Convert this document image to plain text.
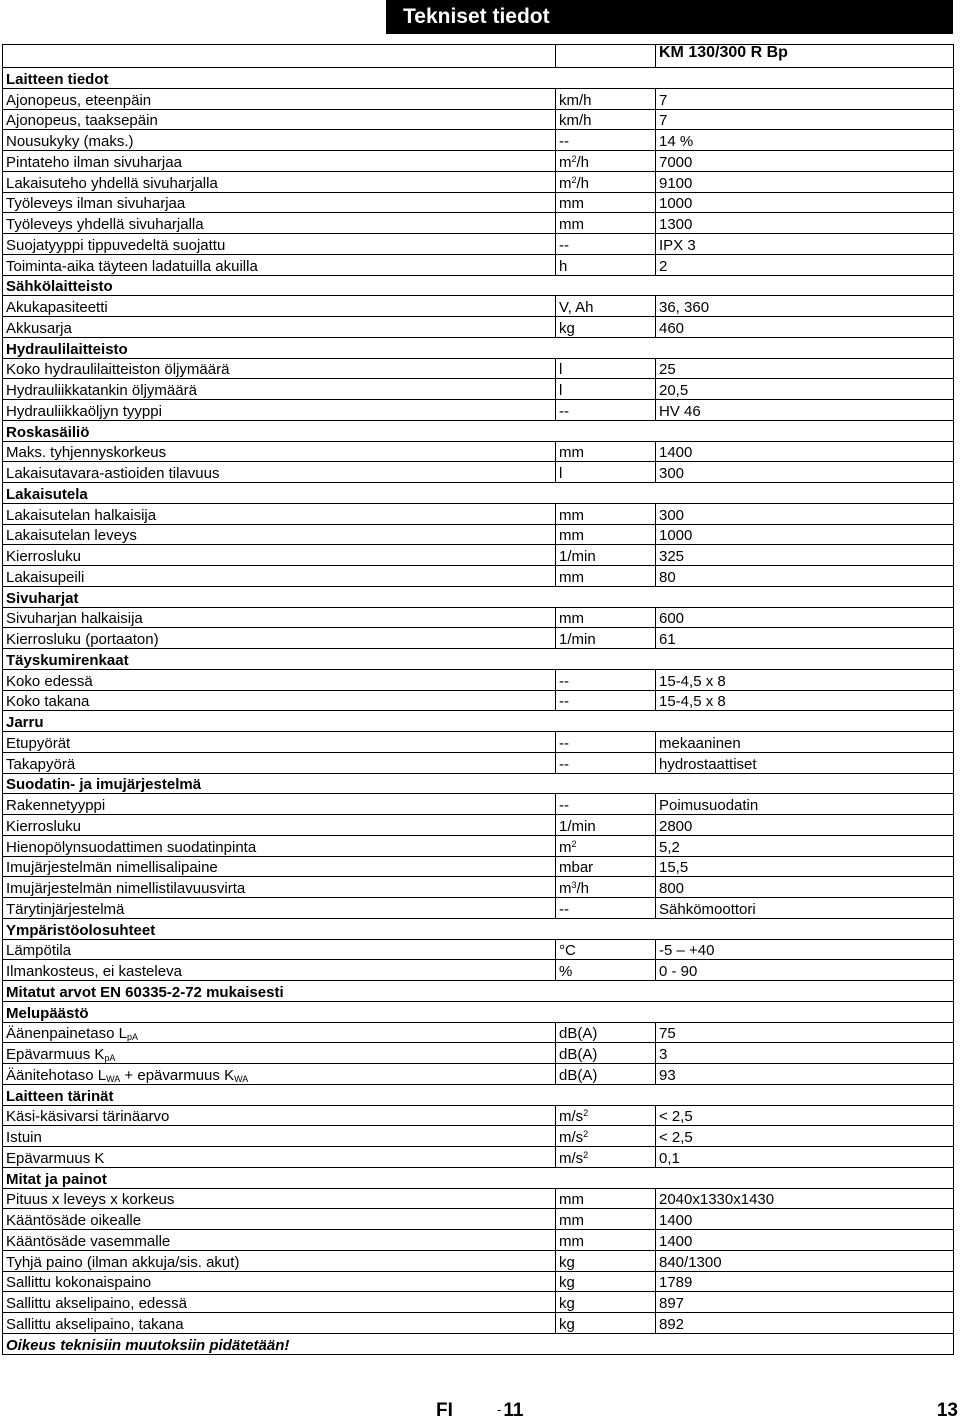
Tekniset tiedot
		KM 130/300 R Bp
Laitteen tiedot		
Ajonopeus, eteenpäin	km/h	7
Ajonopeus, taaksepäin	km/h	7
Nousukyky (maks.)	--	14 %
Pintateho ilman sivuharjaa	$m^2/h$	7000
Lakaisuteho yhdellä sivuharjalla	$m^2/h$	9100
Työleveys ilman sivuharjaa	mm	1000
Työleveys yhdellä sivuharjalla	mm	1300
Suojatyyppi tippuvedeltä suojattu	--	IPX 3
Toiminta-aika täyteen ladatuilla akuilla	h	2
Sähkölaitteisto		
Akukapasiteetti	V, Ah	36, 360
Akkusarja	kg	460
Hydraulilaitteisto		
Koko hydraulilaitteiston öljymäärä	l	25
Hydrauliikkatankin öljymäärä	l	20,5
Hydrauliikkaöljyn tyyppi	--	HV 46
Roskasäiliö		
Maks. tyhjennyskorkeus	mm	1400
Lakaisutavara-astioiden tilavuus	l	300
Lakaisutela		
Lakaisutelan halkaisija	mm	300
Lakaisutelan leveys	mm	1000
Kierrosluku	1/min	325
Lakaisupeili	mm	80
Sivuharjat		
Sivuharjan halkaisija	mm	600
Kierrosluku (portaaton)	1/min	61
Täyskumirenkaat		
Koko edessä	--	15-4,5 x 8
Koko takana	--	15-4,5 x 8
Jarru		
Etupyörät	--	mekaaninen
Takapyörä	--	hydrostaattiset
Suodatin- ja imujärjestelmä		
Rakennetyyppi	--	Poimusuodatin
Kierrosluku	1/min	2800
Hienopölynsuodattimen suodatinpinta	$m^2$	5,2
Imujärjestelmän nimellisalipaine	mbar	15,5
Imujärjestelmän nimellistilavuusvirta	$m^3/h$	800
Tärytinjärjestelmä	--	Sähkömoottori
Ympäristöolosuhteet		
Lämpötila	°C	-5 – +40
Ilmankosteus, ei kasteleva	%	0 - 90
Mitatut arvot EN 60335-2-72 mukaisesti		
Melupäästö		
Äänenpainetaso $L_{pA}$	dB(A)	75
Epävarmuus $K_{pA}$	dB(A)	3
Äänitehotaso $L_{WA}$ + epävarmuus $K_{WA}$	dB(A)	93
Laitteen tärinät		
Käsi-käsivarsi tärinäarvo	$m/s^2$	< 2,5
Istuin	$m/s^2$	< 2,5
Epävarmuus K	$m/s^2$	0,1
Mitat ja painot		
Pituus x leveys x korkeus	mm	2040x1330x1430
Kääntösäde oikealle	mm	1400
Kääntösäde vasemmalle	mm	1400
Tyhjä paino (ilman akkuja/sis. akut)	kg	840/1300
Sallittu kokonaispaino	kg	1789
Sallittu akselipaino, edessä	kg	897
Sallittu akselipaino, takana	kg	892
Oikeus teknisiin muutoksiin pidätetään!		
FI	- 11	13
